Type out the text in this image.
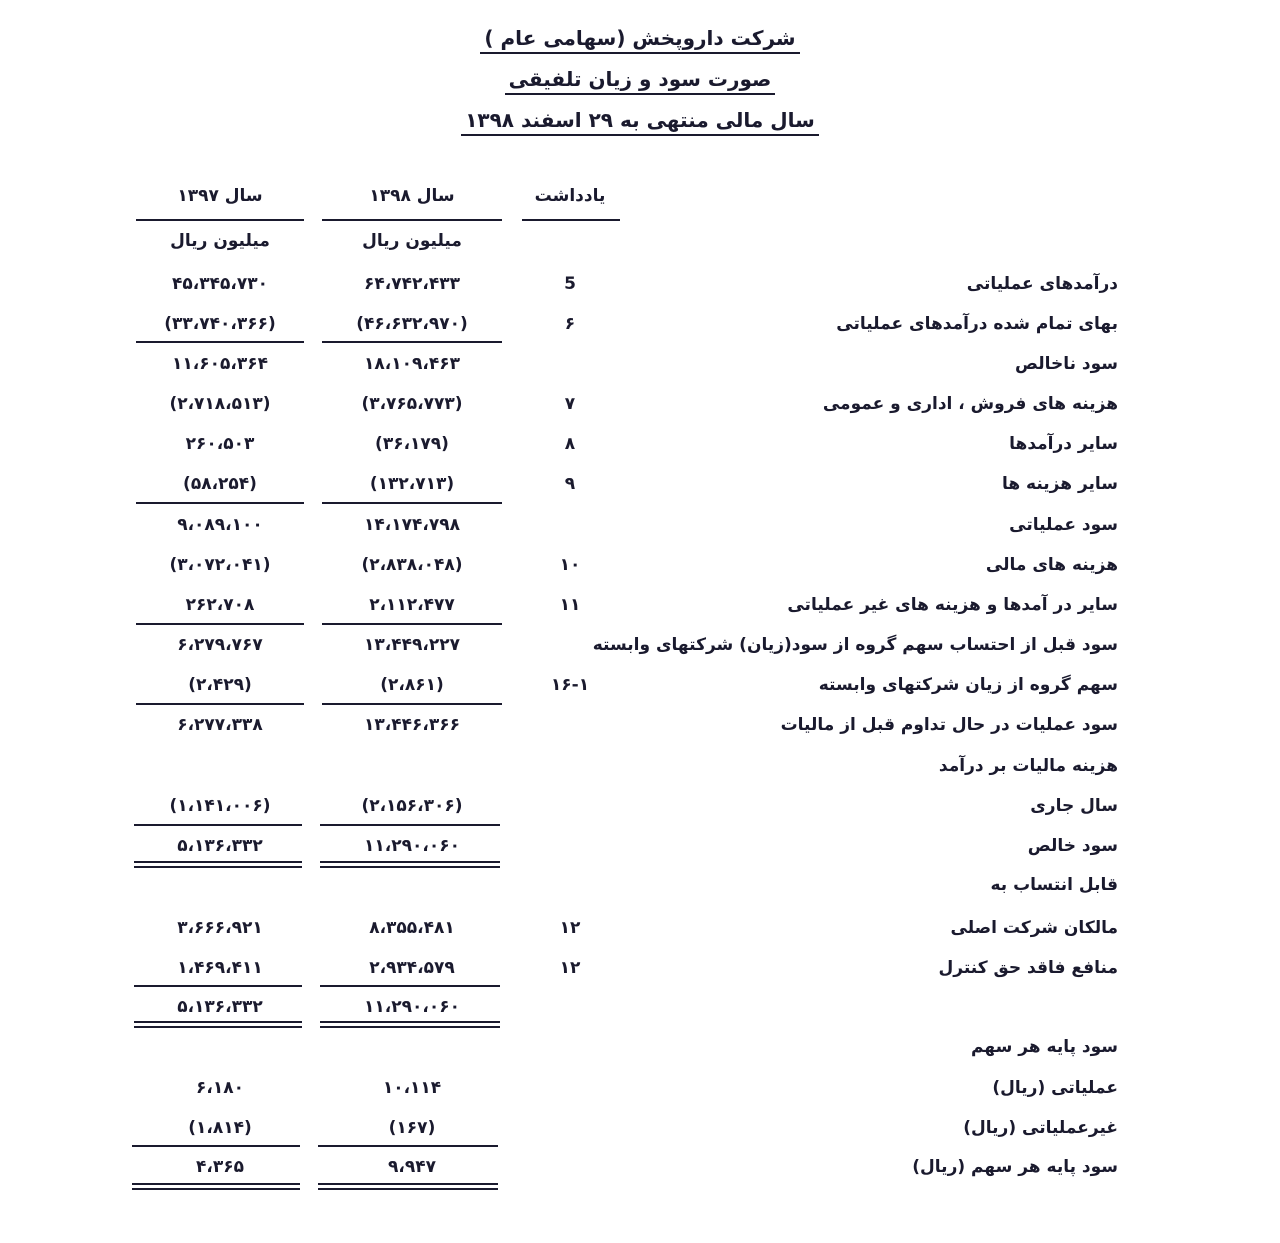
شرکت داروپخش (سهامی عام )
صورت سود و زیان تلفیقی
سال مالی منتهی به ۲۹ اسفند ۱۳۹۸
یادداشت
سال ۱۳۹۸
سال ۱۳۹۷
میلیون ریال
میلیون ریال
درآمدهای عملیاتی
5
۶۴،۷۴۲،۴۳۳
۴۵،۳۴۵،۷۳۰
بهای تمام شده درآمدهای عملیاتی
۶
(۴۶،۶۳۲،۹۷۰)
(۳۳،۷۴۰،۳۶۶)
سود ناخالص
۱۸،۱۰۹،۴۶۳
۱۱،۶۰۵،۳۶۴
هزینه های فروش ، اداری و عمومی
۷
(۳،۷۶۵،۷۷۳)
(۲،۷۱۸،۵۱۳)
سایر درآمدها
۸
(۳۶،۱۷۹)
۲۶۰،۵۰۳
سایر هزینه ها
۹
(۱۳۲،۷۱۳)
(۵۸،۲۵۴)
سود عملیاتی
۱۴،۱۷۴،۷۹۸
۹،۰۸۹،۱۰۰
هزینه های مالی
۱۰
(۲،۸۳۸،۰۴۸)
(۳،۰۷۲،۰۴۱)
سایر در آمدها و هزینه های غیر عملیاتی
۱۱
۲،۱۱۲،۴۷۷
۲۶۲،۷۰۸
سود قبل از احتساب سهم گروه از سود(زیان) شرکتهای وابسته
۱۳،۴۴۹،۲۲۷
۶،۲۷۹،۷۶۷
سهم گروه از زیان شرکتهای وابسته
۱۶-۱
(۲،۸۶۱)
(۲،۴۲۹)
سود عملیات در حال تداوم قبل از مالیات
۱۳،۴۴۶،۳۶۶
۶،۲۷۷،۳۳۸
هزینه مالیات بر درآمد
سال جاری
(۲،۱۵۶،۳۰۶)
(۱،۱۴۱،۰۰۶)
سود خالص
۱۱،۲۹۰،۰۶۰
۵،۱۳۶،۳۳۲
قابل انتساب به
مالکان شرکت اصلی
۱۲
۸،۳۵۵،۴۸۱
۳،۶۶۶،۹۲۱
منافع فاقد حق کنترل
۱۲
۲،۹۳۴،۵۷۹
۱،۴۶۹،۴۱۱
۱۱،۲۹۰،۰۶۰
۵،۱۳۶،۳۳۲
سود پایه هر سهم
عملیاتی (ریال)
۱۰،۱۱۴
۶،۱۸۰
غیرعملیاتی (ریال)
(۱۶۷)
(۱،۸۱۴)
سود پایه هر سهم (ریال)
۹،۹۴۷
۴،۳۶۵
